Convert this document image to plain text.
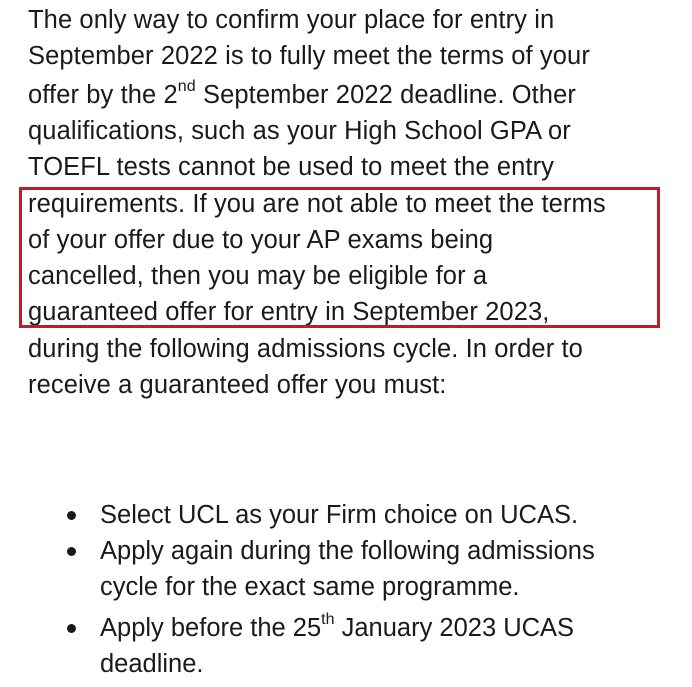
The only way to confirm your place for entry in
September 2022 is to fully meet the terms of your
offer by the 2nd September 2022 deadline. Other
qualifications, such as your High School GPA or
TOEFL tests cannot be used to meet the entry
requirements. If you are not able to meet the terms
of your offer due to your AP exams being
cancelled, then you may be eligible for a
guaranteed offer for entry in September 2023,
during the following admissions cycle. In order to
receive a guaranteed offer you must:
Select UCL as your Firm choice on UCAS.
Apply again during the following admissions
cycle for the exact same programme.
Apply before the 25th January 2023 UCAS
deadline.
